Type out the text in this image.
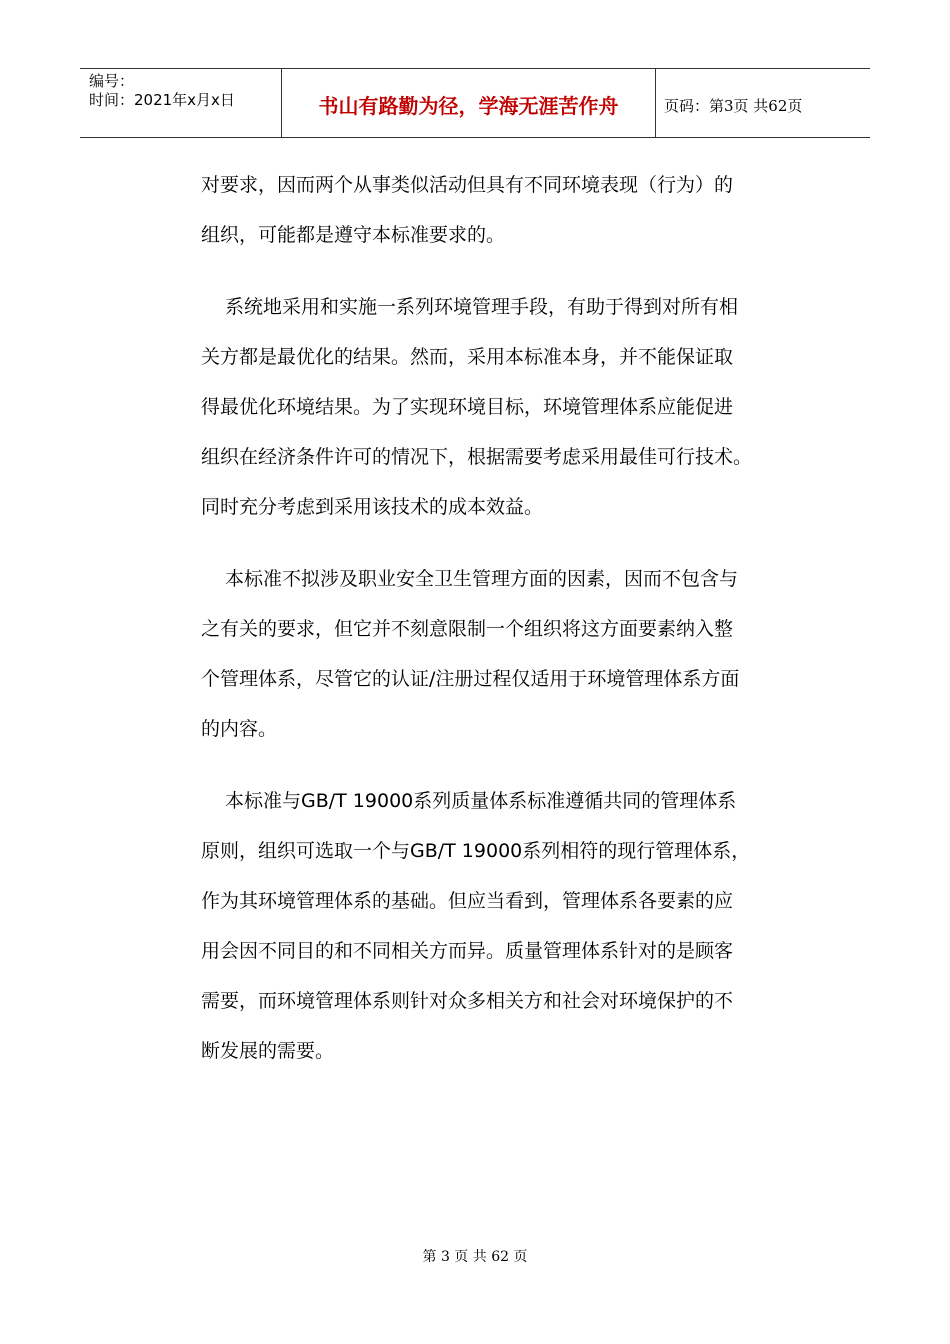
编号：
时间：2021年x月x日	书山有路勤为径，学海无涯苦作舟	页码：第3页 共62页

对要求，因而两个从事类似活动但具有不同环境表现（行为）的

组织，可能都是遵守本标准要求的。

系统地采用和实施一系列环境管理手段，有助于得到对所有相

关方都是最优化的结果。然而，采用本标准本身，并不能保证取

得最优化环境结果。为了实现环境目标，环境管理体系应能促进

组织在经济条件许可的情况下，根据需要考虑采用最佳可行技术。

同时充分考虑到采用该技术的成本效益。

本标准不拟涉及职业安全卫生管理方面的因素，因而不包含与

之有关的要求，但它并不刻意限制一个组织将这方面要素纳入整

个管理体系，尽管它的认证/注册过程仅适用于环境管理体系方面

的内容。

本标准与GB/T 19000系列质量体系标准遵循共同的管理体系

原则，组织可选取一个与GB/T 19000系列相符的现行管理体系，

作为其环境管理体系的基础。但应当看到，管理体系各要素的应

用会因不同目的和不同相关方而异。质量管理体系针对的是顾客

需要，而环境管理体系则针对众多相关方和社会对环境保护的不

断发展的需要。

第 3 页 共 62 页
